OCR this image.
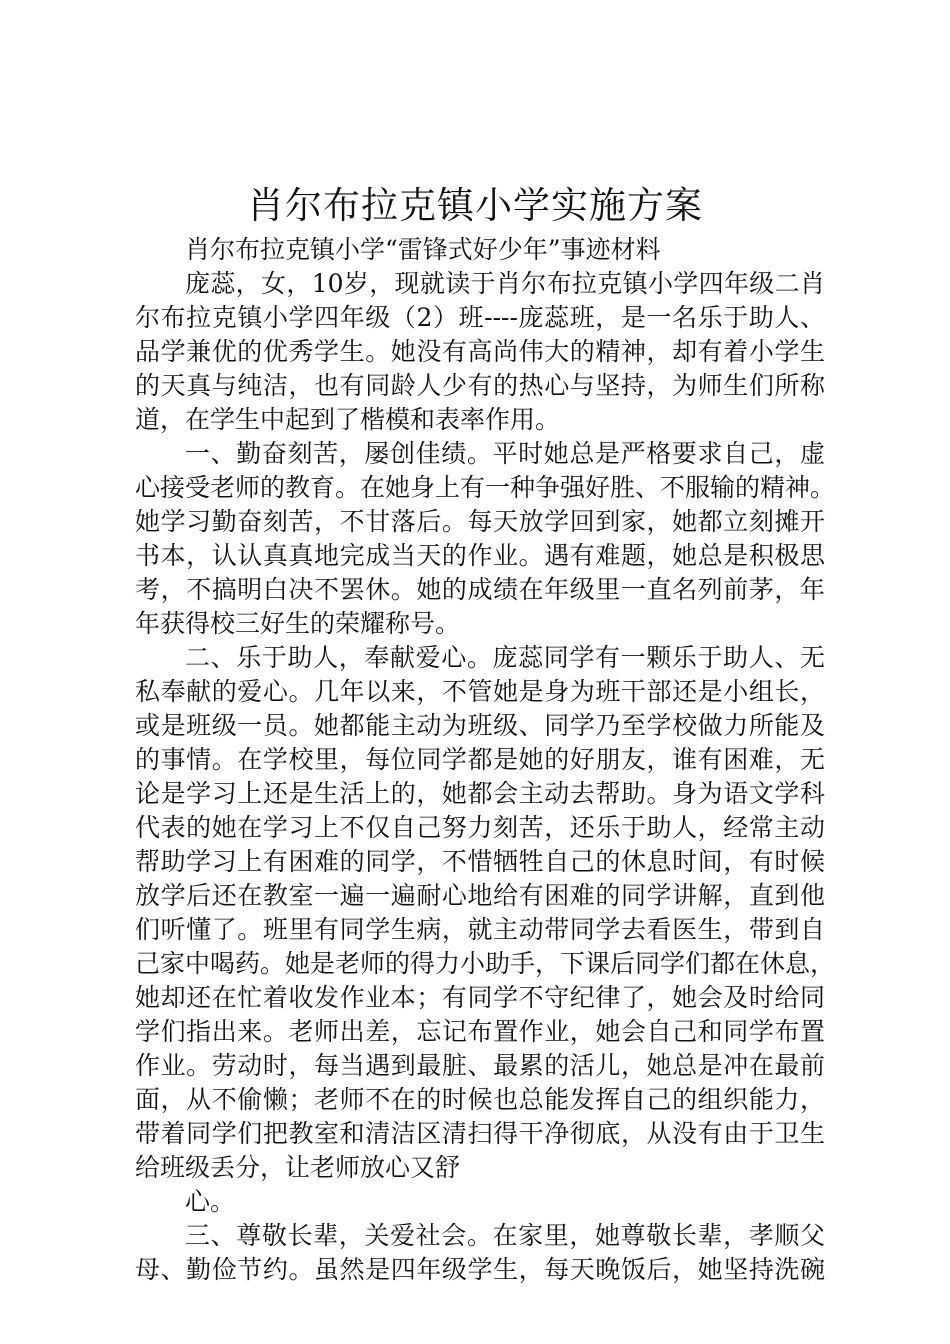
肖尔布拉克镇小学实施方案

肖尔布拉克镇小学“雷锋式好少年”事迹材料

庞蕊，女，10岁，现就读于肖尔布拉克镇小学四年级二肖

尔布拉克镇小学四年级（2）班----庞蕊班，是一名乐于助人、

品学兼优的优秀学生。她没有高尚伟大的精神，却有着小学生

的天真与纯洁，也有同龄人少有的热心与坚持，为师生们所称

道，在学生中起到了楷模和表率作用。

一、勤奋刻苦，屡创佳绩。平时她总是严格要求自己，虚

心接受老师的教育。在她身上有一种争强好胜、不服输的精神。

她学习勤奋刻苦，不甘落后。每天放学回到家，她都立刻摊开

书本，认认真真地完成当天的作业。遇有难题，她总是积极思

考，不搞明白决不罢休。她的成绩在年级里一直名列前茅，年

年获得校三好生的荣耀称号。

二、乐于助人，奉献爱心。庞蕊同学有一颗乐于助人、无

私奉献的爱心。几年以来，不管她是身为班干部还是小组长，

或是班级一员。她都能主动为班级、同学乃至学校做力所能及

的事情。在学校里，每位同学都是她的好朋友，谁有困难，无

论是学习上还是生活上的，她都会主动去帮助。身为语文学科

代表的她在学习上不仅自己努力刻苦，还乐于助人，经常主动

帮助学习上有困难的同学，不惜牺牲自己的休息时间，有时候

放学后还在教室一遍一遍耐心地给有困难的同学讲解，直到他

们听懂了。班里有同学生病，就主动带同学去看医生，带到自

己家中喝药。她是老师的得力小助手，下课后同学们都在休息，

她却还在忙着收发作业本；有同学不守纪律了，她会及时给同

学们指出来。老师出差，忘记布置作业，她会自己和同学布置

作业。劳动时，每当遇到最脏、最累的活儿，她总是冲在最前

面，从不偷懒；老师不在的时候也总能发挥自己的组织能力，

带着同学们把教室和清洁区清扫得干净彻底，从没有由于卫生

给班级丢分，让老师放心又舒

心。

三、尊敬长辈，关爱社会。在家里，她尊敬长辈，孝顺父

母、勤俭节约。虽然是四年级学生，每天晚饭后，她坚持洗碗
